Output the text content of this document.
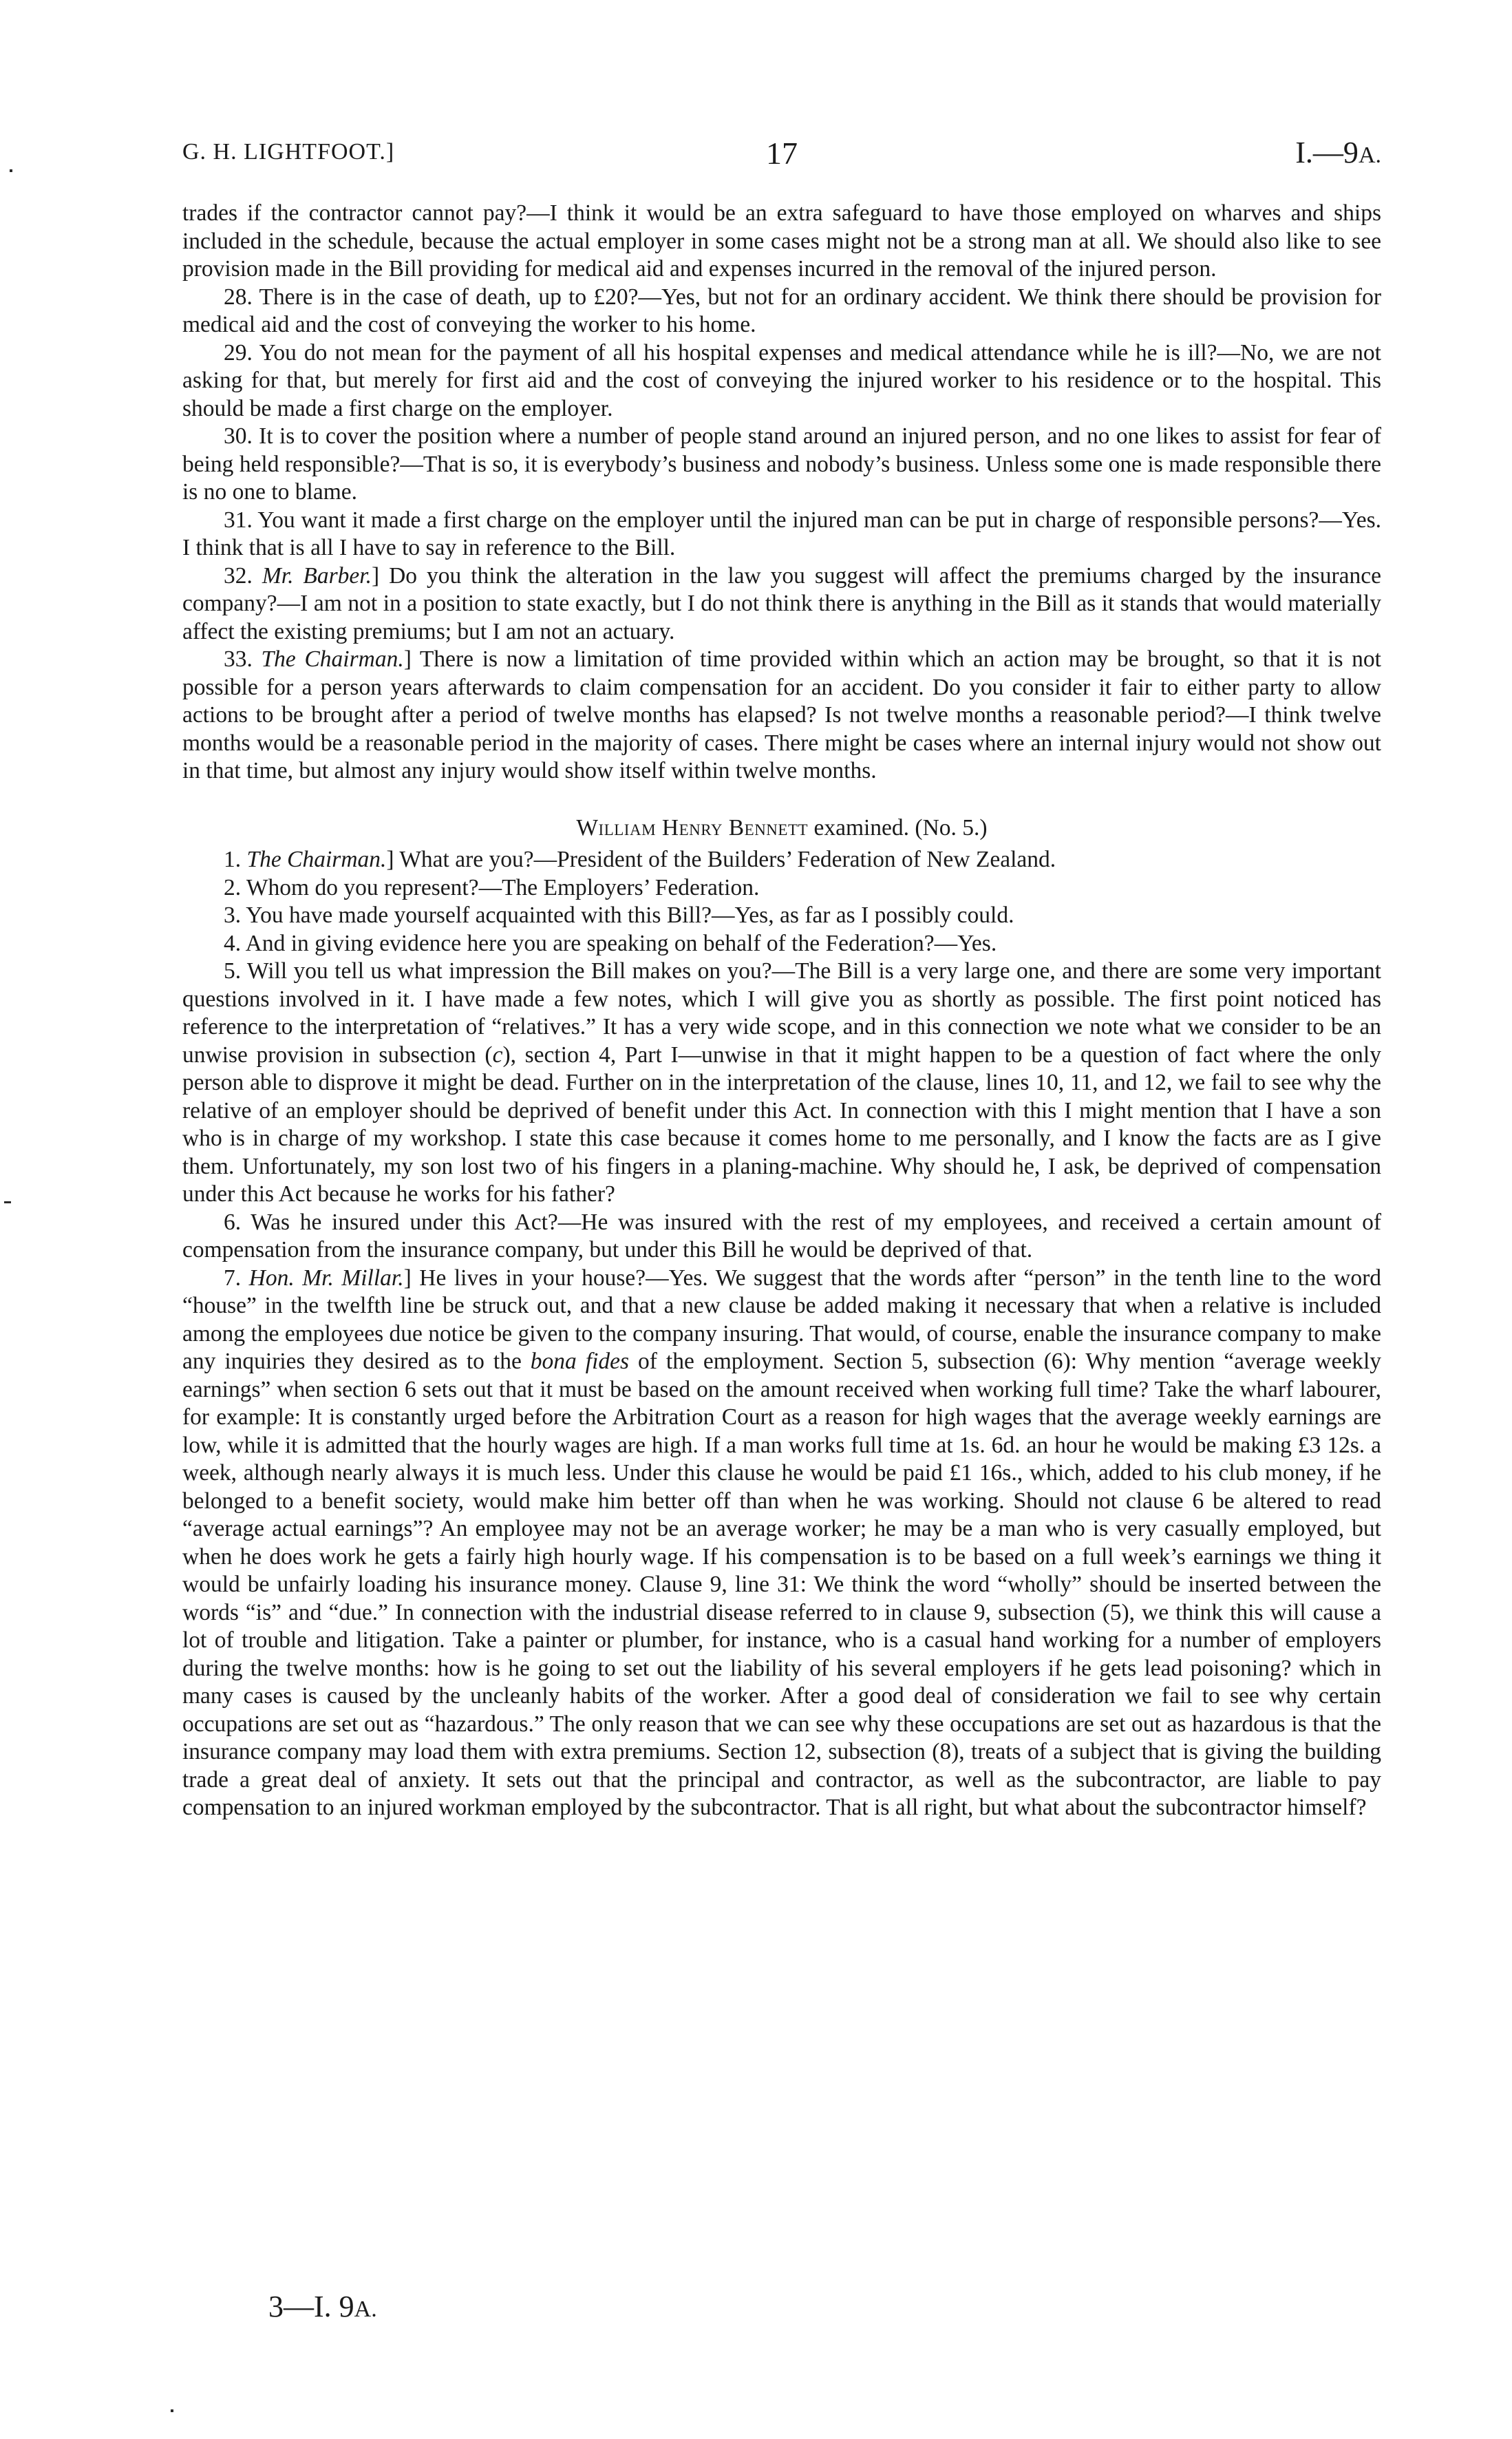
G. H. LIGHTFOOT.]	17	I.—9A.

trades if the contractor cannot pay?—I think it would be an extra safeguard to have those employed on wharves and ships included in the schedule, because the actual employer in some cases might not be a strong man at all. We should also like to see provision made in the Bill providing for medical aid and expenses incurred in the removal of the injured person.

28. There is in the case of death, up to £20?—Yes, but not for an ordinary accident. We think there should be provision for medical aid and the cost of conveying the worker to his home.

29. You do not mean for the payment of all his hospital expenses and medical attendance while he is ill?—No, we are not asking for that, but merely for first aid and the cost of conveying the injured worker to his residence or to the hospital. This should be made a first charge on the employer.

30. It is to cover the position where a number of people stand around an injured person, and no one likes to assist for fear of being held responsible?—That is so, it is everybody’s business and nobody’s business. Unless some one is made responsible there is no one to blame.

31. You want it made a first charge on the employer until the injured man can be put in charge of responsible persons?—Yes. I think that is all I have to say in reference to the Bill.

32. Mr. Barber.] Do you think the alteration in the law you suggest will affect the premiums charged by the insurance company?—I am not in a position to state exactly, but I do not think there is anything in the Bill as it stands that would materially affect the existing premiums; but I am not an actuary.

33. The Chairman.] There is now a limitation of time provided within which an action may be brought, so that it is not possible for a person years afterwards to claim compensation for an accident. Do you consider it fair to either party to allow actions to be brought after a period of twelve months has elapsed? Is not twelve months a reasonable period?—I think twelve months would be a reasonable period in the majority of cases. There might be cases where an internal injury would not show out in that time, but almost any injury would show itself within twelve months.

William Henry Bennett examined. (No. 5.)

1. The Chairman.] What are you?—President of the Builders’ Federation of New Zealand.

2. Whom do you represent?—The Employers’ Federation.

3. You have made yourself acquainted with this Bill?—Yes, as far as I possibly could.

4. And in giving evidence here you are speaking on behalf of the Federation?—Yes.

5. Will you tell us what impression the Bill makes on you?—The Bill is a very large one, and there are some very important questions involved in it. I have made a few notes, which I will give you as shortly as possible. The first point noticed has reference to the interpretation of “relatives.” It has a very wide scope, and in this connection we note what we consider to be an unwise provision in subsection (c), section 4, Part I—unwise in that it might happen to be a question of fact where the only person able to disprove it might be dead. Further on in the interpretation of the clause, lines 10, 11, and 12, we fail to see why the relative of an employer should be deprived of benefit under this Act. In connection with this I might mention that I have a son who is in charge of my workshop. I state this case because it comes home to me personally, and I know the facts are as I give them. Unfortunately, my son lost two of his fingers in a planing-machine. Why should he, I ask, be deprived of compensation under this Act because he works for his father?

6. Was he insured under this Act?—He was insured with the rest of my employees, and received a certain amount of compensation from the insurance company, but under this Bill he would be deprived of that.

7. Hon. Mr. Millar.] He lives in your house?—Yes. We suggest that the words after “person” in the tenth line to the word “house” in the twelfth line be struck out, and that a new clause be added making it necessary that when a relative is included among the employees due notice be given to the company insuring. That would, of course, enable the insurance company to make any inquiries they desired as to the bona fides of the employment. Section 5, subsection (6): Why mention “average weekly earnings” when section 6 sets out that it must be based on the amount received when working full time? Take the wharf labourer, for example: It is constantly urged before the Arbitration Court as a reason for high wages that the average weekly earnings are low, while it is admitted that the hourly wages are high. If a man works full time at 1s. 6d. an hour he would be making £3 12s. a week, although nearly always it is much less. Under this clause he would be paid £1 16s., which, added to his club money, if he belonged to a benefit society, would make him better off than when he was working. Should not clause 6 be altered to read “average actual earnings”? An employee may not be an average worker; he may be a man who is very casually employed, but when he does work he gets a fairly high hourly wage. If his compensation is to be based on a full week’s earnings we thing it would be unfairly loading his insurance money. Clause 9, line 31: We think the word “wholly” should be inserted between the words “is” and “due.” In connection with the industrial disease referred to in clause 9, subsection (5), we think this will cause a lot of trouble and litigation. Take a painter or plumber, for instance, who is a casual hand working for a number of employers during the twelve months: how is he going to set out the liability of his several employers if he gets lead poisoning? which in many cases is caused by the uncleanly habits of the worker. After a good deal of consideration we fail to see why certain occupations are set out as “hazardous.” The only reason that we can see why these occupations are set out as hazardous is that the insurance company may load them with extra premiums. Section 12, subsection (8), treats of a subject that is giving the building trade a great deal of anxiety. It sets out that the principal and contractor, as well as the subcontractor, are liable to pay compensation to an injured workman employed by the subcontractor. That is all right, but what about the subcontractor himself?

3—I. 9A.
